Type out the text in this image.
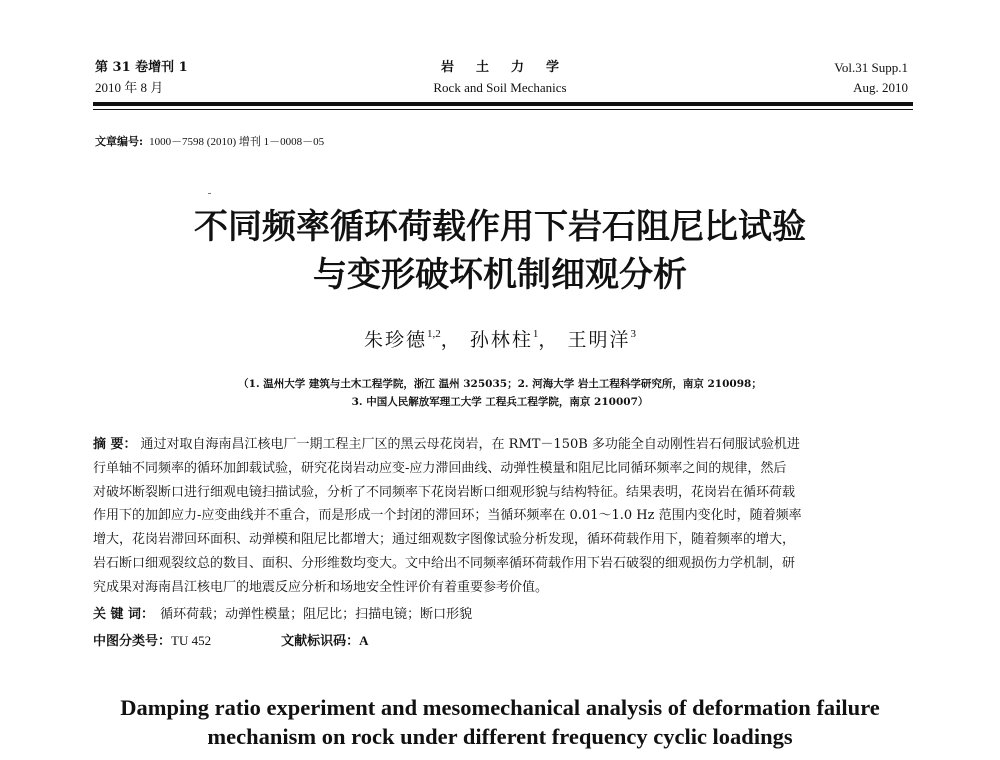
第 31 卷增刊 1
2010 年 8 月
岩土力学
Rock and Soil Mechanics
Vol.31 Supp.1
Aug. 2010
文章编号: 1000－7598 (2010) 增刊 1－0008－05
不同频率循环荷载作用下岩石阻尼比试验
与变形破坏机制细观分析
朱珍德$^{1,2}$， 孙林柱$^1$， 王明洋$^3$
（1. 温州大学 建筑与土木工程学院，浙江 温州 325035；2. 河海大学 岩土工程科学研究所，南京 210098；
3. 中国人民解放军理工大学 工程兵工程学院，南京 210007）
摘 要： 通过对取自海南昌江核电厂一期工程主厂区的黑云母花岗岩，在 RMT－150B 多功能全自动刚性岩石伺服试验机进
行单轴不同频率的循环加卸载试验，研究花岗岩动应变-应力滞回曲线、动弹性模量和阻尼比同循环频率之间的规律，然后
对破坏断裂断口进行细观电镜扫描试验，分析了不同频率下花岗岩断口细观形貌与结构特征。结果表明，花岗岩在循环荷载
作用下的加卸应力-应变曲线并不重合，而是形成一个封闭的滞回环；当循环频率在 0.01～1.0 Hz 范围内变化时，随着频率
增大，花岗岩滞回环面积、动弹模和阻尼比都增大；通过细观数字图像试验分析发现，循环荷载作用下，随着频率的增大，
岩石断口细观裂纹总的数目、面积、分形维数均变大。文中给出不同频率循环荷载作用下岩石破裂的细观损伤力学机制，研
究成果对海南昌江核电厂的地震反应分析和场地安全性评价有着重要参考价值。
关 键 词： 循环荷载；动弹性模量；阻尼比；扫描电镜；断口形貌
中图分类号：TU 452	文献标识码：A
Damping ratio experiment and mesomechanical analysis of deformation failure
mechanism on rock under different frequency cyclic loadings
